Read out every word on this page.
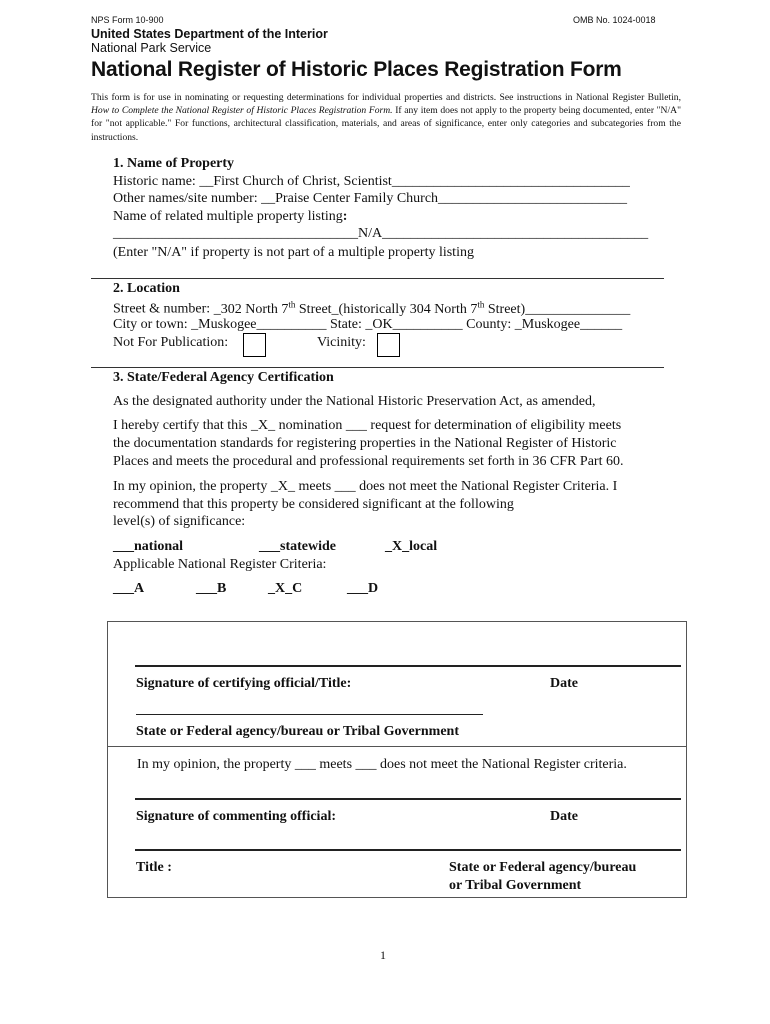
NPS Form 10-900	OMB No. 1024-0018
United States Department of the Interior
National Park Service
National Register of Historic Places Registration Form
This form is for use in nominating or requesting determinations for individual properties and districts. See instructions in National Register Bulletin, How to Complete the National Register of Historic Places Registration Form. If any item does not apply to the property being documented, enter "N/A" for "not applicable." For functions, architectural classification, materials, and areas of significance, enter only categories and subcategories from the instructions.
1. Name of Property
Historic name: __First Church of Christ, Scientist__________________________________
Other names/site number: __Praise Center Family Church___________________________
Name of related multiple property listing:
___________________________________N/A______________________________________
(Enter "N/A" if property is not part of a multiple property listing
2. Location
Street & number: _302 North 7th Street_(historically 304 North 7th Street)_______________
City or town: _Muskogee__________ State: _OK__________ County: _Muskogee______
Not For Publication:	Vicinity:
3. State/Federal Agency Certification
As the designated authority under the National Historic Preservation Act, as amended,
I hereby certify that this _X_ nomination ___ request for determination of eligibility meets
the documentation standards for registering properties in the National Register of Historic
Places and meets the procedural and professional requirements set forth in 36 CFR Part 60.
In my opinion, the property _X_ meets ___ does not meet the National Register Criteria. I
recommend that this property be considered significant at the following
level(s) of significance:
___national	___statewide	_X_local
Applicable National Register Criteria:
___A	___B	_X_C	___D
Signature of certifying official/Title:	Date
State or Federal agency/bureau or Tribal Government
In my opinion, the property ___ meets ___ does not meet the National Register criteria.
Signature of commenting official:	Date
Title :	State or Federal agency/bureau
or Tribal Government
1
